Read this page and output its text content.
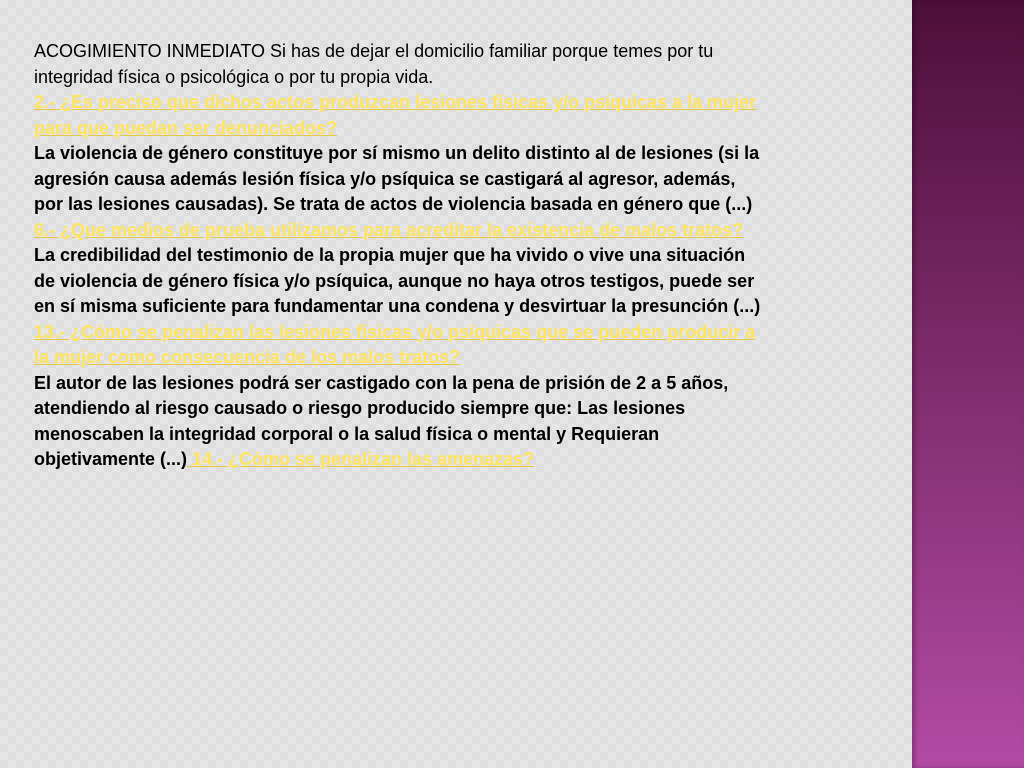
ACOGIMIENTO INMEDIATO Si has de dejar el domicilio familiar porque temes por tu integridad física o psicológica o por tu propia vida.

2.- ¿Es preciso que dichos actos produzcan lesiones físicas y/o psíquicas a la mujer para que puedan ser denunciados?

La violencia de género constituye por sí mismo un delito distinto al de lesiones (si la agresión causa además lesión física y/o psíquica se castigará al agresor, además, por las lesiones causadas). Se trata de actos de violencia basada en género que (...)

6.- ¿Que medios de prueba utilizamos para acreditar la existencia de malos tratos?

La credibilidad del testimonio de la propia mujer que ha vivido o vive una situación de violencia de género física y/o psíquica, aunque no haya otros testigos, puede ser en sí misma suficiente para fundamentar una condena y desvirtuar la presunción (...)

13.- ¿Cómo se penalizan las lesiones físicas y/o psíquicas que se pueden producir a la mujer como consecuencia de los malos tratos?

El autor de las lesiones podrá ser castigado con la pena de prisión de 2 a 5 años, atendiendo al riesgo causado o riesgo producido siempre que: Las lesiones menoscaben la integridad corporal o la salud física o mental y Requieran objetivamente (...) 14.- ¿Cómo se penalizan las amenazas?
